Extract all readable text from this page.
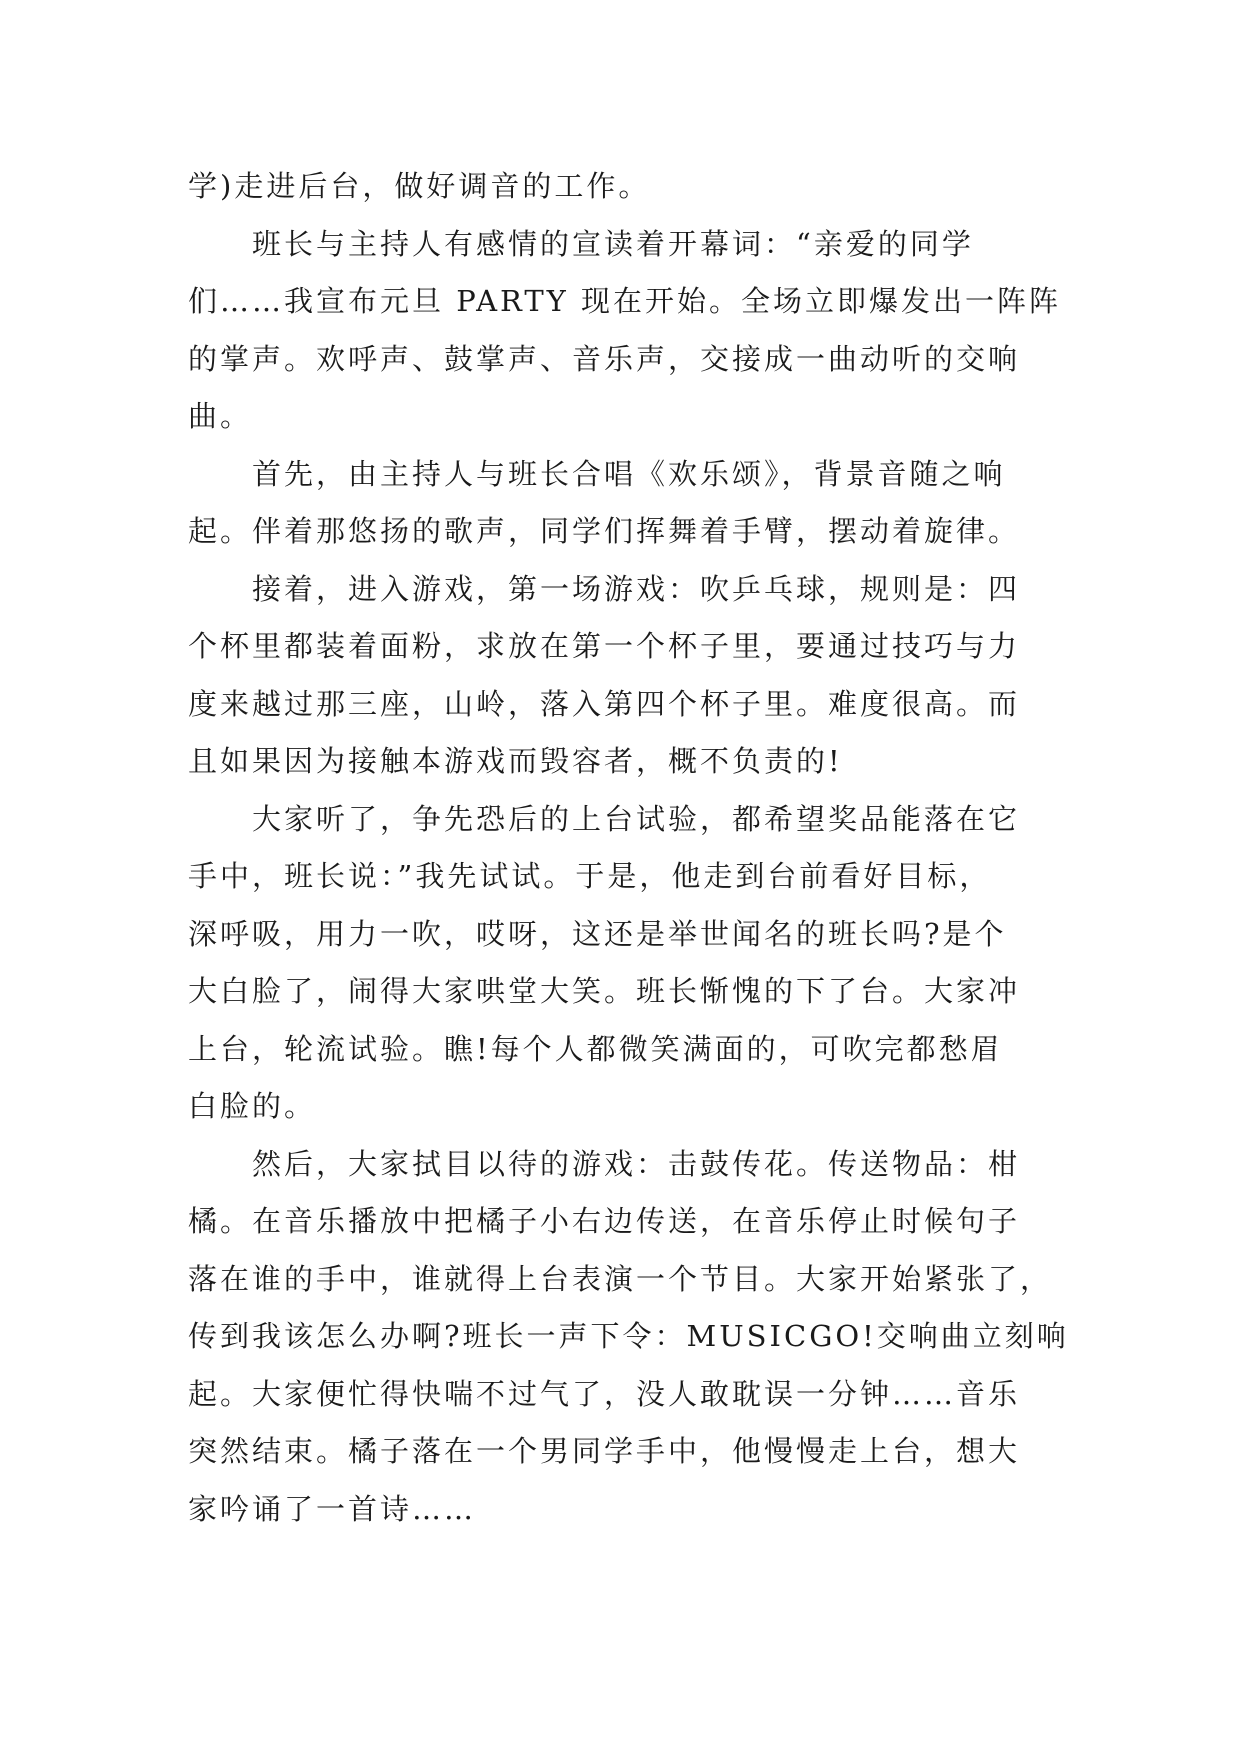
学)走进后台，做好调音的工作。

班长与主持人有感情的宣读着开幕词：“亲爱的同学
们……我宣布元旦 PARTY 现在开始。全场立即爆发出一阵阵
的掌声。欢呼声、鼓掌声、音乐声，交接成一曲动听的交响
曲。

首先，由主持人与班长合唱《欢乐颂》，背景音随之响
起。伴着那悠扬的歌声，同学们挥舞着手臂，摆动着旋律。

接着，进入游戏，第一场游戏：吹乒乓球，规则是：四
个杯里都装着面粉，求放在第一个杯子里，要通过技巧与力
度来越过那三座，山岭，落入第四个杯子里。难度很高。而
且如果因为接触本游戏而毁容者，概不负责的!

大家听了，争先恐后的上台试验，都希望奖品能落在它
手中，班长说：”我先试试。于是，他走到台前看好目标，
深呼吸，用力一吹，哎呀，这还是举世闻名的班长吗?是个
大白脸了，闹得大家哄堂大笑。班长惭愧的下了台。大家冲
上台，轮流试验。瞧!每个人都微笑满面的，可吹完都愁眉
白脸的。

然后，大家拭目以待的游戏：击鼓传花。传送物品：柑
橘。在音乐播放中把橘子小右边传送，在音乐停止时候句子
落在谁的手中，谁就得上台表演一个节目。大家开始紧张了，
传到我该怎么办啊?班长一声下令：MUSICGO!交响曲立刻响
起。大家便忙得快喘不过气了，没人敢耽误一分钟……音乐
突然结束。橘子落在一个男同学手中，他慢慢走上台，想大
家吟诵了一首诗……
